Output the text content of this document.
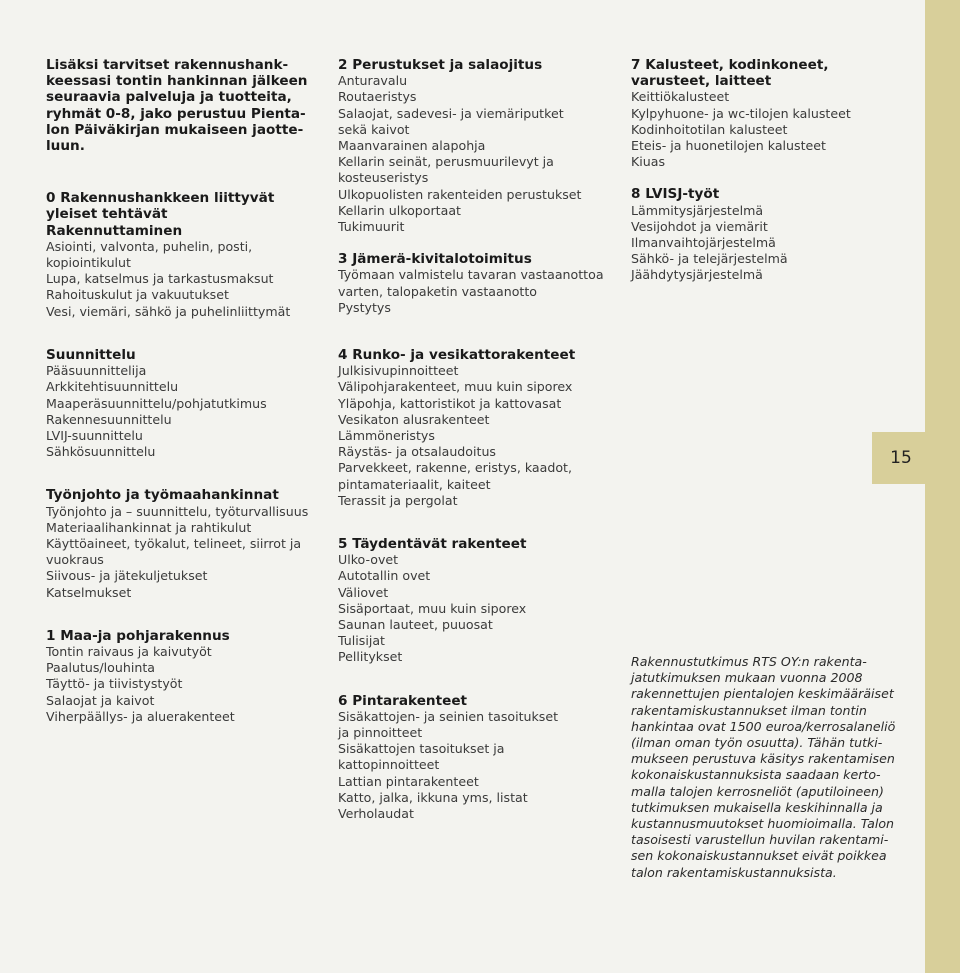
15
Lisäksi tarvitset rakennushank-
keessasi tontin hankinnan jälkeen
seuraavia palveluja ja tuotteita,
ryhmät 0-8, jako perustuu Pienta-
lon Päiväkirjan mukaiseen jaotte-
luun.
0 Rakennushankkeen liittyvät
yleiset tehtävät
Rakennuttaminen
Asiointi, valvonta, puhelin, posti,
kopiointikulut
Lupa, katselmus ja tarkastusmaksut
Rahoituskulut ja vakuutukset
Vesi, viemäri, sähkö ja puhelinliittymät
Suunnittelu
Pääsuunnittelija
Arkkitehtisuunnittelu
Maaperäsuunnittelu/pohjatutkimus
Rakennesuunnittelu
LVIJ-suunnittelu
Sähkösuunnittelu
Työnjohto ja työmaahankinnat
Työnjohto ja – suunnittelu, työturvallisuus
Materiaalihankinnat ja rahtikulut
Käyttöaineet, työkalut, telineet, siirrot ja
vuokraus
Siivous- ja jätekuljetukset
Katselmukset
1 Maa-ja pohjarakennus
Tontin raivaus ja kaivutyöt
Paalutus/louhinta
Täyttö- ja tiivistystyöt
Salaojat ja kaivot
Viherpäällys- ja aluerakenteet
2 Perustukset ja salaojitus
Anturavalu
Routaeristys
Salaojat, sadevesi- ja viemäriputket
sekä kaivot
Maanvarainen alapohja
Kellarin seinät, perusmuurilevyt ja
kosteuseristys
Ulkopuolisten rakenteiden perustukset
Kellarin ulkoportaat
Tukimuurit
3 Jämerä-kivitalotoimitus
Työmaan valmistelu tavaran vastaanottoa
varten, talopaketin vastaanotto
Pystytys
4 Runko- ja vesikattorakenteet
Julkisivupinnoitteet
Välipohjarakenteet, muu kuin siporex
Yläpohja, kattoristikot ja kattovasat
Vesikaton alusrakenteet
Lämmöneristys
Räystäs- ja otsalaudoitus
Parvekkeet, rakenne, eristys, kaadot,
pintamateriaalit, kaiteet
Terassit ja pergolat
5 Täydentävät rakenteet
Ulko-ovet
Autotallin ovet
Väliovet
Sisäportaat, muu kuin siporex
Saunan lauteet, puuosat
Tulisijat
Pellitykset
6 Pintarakenteet
Sisäkattojen- ja seinien tasoitukset
ja pinnoitteet
Sisäkattojen tasoitukset ja
kattopinnoitteet
Lattian pintarakenteet
Katto, jalka, ikkuna yms, listat
Verholaudat
7 Kalusteet, kodinkoneet,
varusteet, laitteet
Keittiökalusteet
Kylpyhuone- ja wc-tilojen kalusteet
Kodinhoitotilan kalusteet
Eteis- ja huonetilojen kalusteet
Kiuas
8 LVISJ-työt
Lämmitysjärjestelmä
Vesijohdot ja viemärit
Ilmanvaihtojärjestelmä
Sähkö- ja telejärjestelmä
Jäähdytysjärjestelmä
Rakennustutkimus RTS OY:n rakenta-
jatutkimuksen mukaan vuonna 2008
rakennettujen pientalojen keskimääräiset
rakentamiskustannukset ilman tontin
hankintaa ovat 1500 euroa/kerrosalaneliö
(ilman oman työn osuutta). Tähän tutki-
mukseen perustuva käsitys rakentamisen
kokonaiskustannuksista saadaan kerto-
malla talojen kerrosneliöt (aputiloineen)
tutkimuksen mukaisella keskihinnalla ja
kustannusmuutokset huomioimalla. Talon
tasoisesti varustellun huvilan rakentami-
sen kokonaiskustannukset eivät poikkea
talon rakentamiskustannuksista.
